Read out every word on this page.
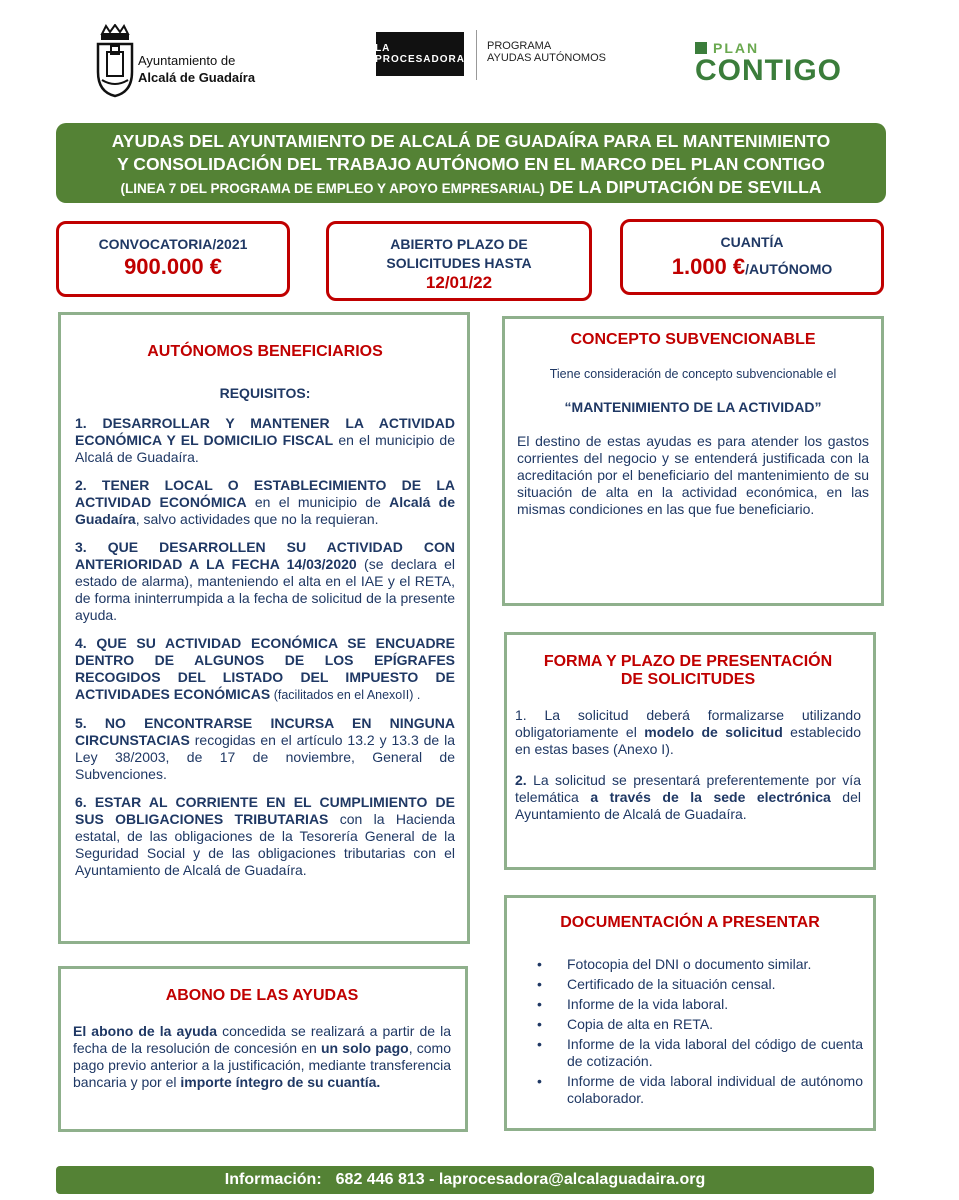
Ayuntamiento de
Alcalá de Guadaíra
LA PROCESADORA
PROGRAMA
AYUDAS AUTÓNOMOS
PLAN
CONTIGO
AYUDAS DEL AYUNTAMIENTO DE ALCALÁ DE GUADAÍRA PARA EL MANTENIMIENTO
Y CONSOLIDACIÓN DEL TRABAJO AUTÓNOMO EN EL MARCO DEL PLAN CONTIGO
(LINEA 7 DEL PROGRAMA DE EMPLEO Y APOYO EMPRESARIAL) DE LA DIPUTACIÓN DE SEVILLA
CONVOCATORIA/2021
900.000 €
ABIERTO PLAZO DE
SOLICITUDES HASTA
12/01/22
CUANTÍA
1.000 €/AUTÓNOMO
AUTÓNOMOS BENEFICIARIOS
REQUISITOS:

1. DESARROLLAR Y MANTENER LA ACTIVIDAD ECONÓMICA Y EL DOMICILIO FISCAL en el municipio de Alcalá de Guadaíra.

2. TENER LOCAL O ESTABLECIMIENTO DE LA ACTIVIDAD ECONÓMICA en el municipio de Alcalá de Guadaíra, salvo actividades que no la requieran.

3. QUE DESARROLLEN SU ACTIVIDAD CON ANTERIORIDAD A LA FECHA 14/03/2020 (se declara el estado de alarma), manteniendo el alta en el IAE y el RETA, de forma ininterrumpida a la fecha de solicitud de la presente ayuda.

4. QUE SU ACTIVIDAD ECONÓMICA SE ENCUADRE DENTRO DE ALGUNOS DE LOS EPÍGRAFES RECOGIDOS DEL LISTADO DEL IMPUESTO DE ACTIVIDADES ECONÓMICAS (facilitados en el AnexoII) .

5. NO ENCONTRARSE INCURSA EN NINGUNA CIRCUNSTACIAS recogidas en el artículo 13.2 y 13.3 de la Ley 38/2003, de 17 de noviembre, General de Subvenciones.

6. ESTAR AL CORRIENTE EN EL CUMPLIMIENTO DE SUS OBLIGACIONES TRIBUTARIAS con la Hacienda estatal, de las obligaciones de la Tesorería General de la Seguridad Social y de las obligaciones tributarias con el Ayuntamiento de Alcalá de Guadaíra.

CONCEPTO SUBVENCIONABLE
Tiene consideración de concepto subvencionable el
“MANTENIMIENTO DE LA ACTIVIDAD”

El destino de estas ayudas es para atender los gastos corrientes del negocio y se entenderá justificada con la acreditación por el beneficiario del mantenimiento de su situación de alta en la actividad económica, en las mismas condiciones en las que fue beneficiario.

FORMA Y PLAZO DE PRESENTACIÓN
DE SOLICITUDES

1. La solicitud deberá formalizarse utilizando obligatoriamente el modelo de solicitud establecido en estas bases (Anexo I).

2. La solicitud se presentará preferentemente por vía telemática a través de la sede electrónica del Ayuntamiento de Alcalá de Guadaíra.

DOCUMENTACIÓN A PRESENTAR
• Fotocopia del DNI o documento similar.
• Certificado de la situación censal.
• Informe de la vida laboral.
• Copia de alta en RETA.
• Informe de la vida laboral del código de cuenta de cotización.
• Informe de vida laboral individual de autónomo colaborador.
ABONO DE LAS AYUDAS

El abono de la ayuda concedida se realizará a partir de la fecha de la resolución de concesión en un solo pago, como pago previo anterior a la justificación, mediante transferencia bancaria y por el importe íntegro de su cuantía.

Información: 682 446 813 - laprocesadora@alcalaguadaira.org
